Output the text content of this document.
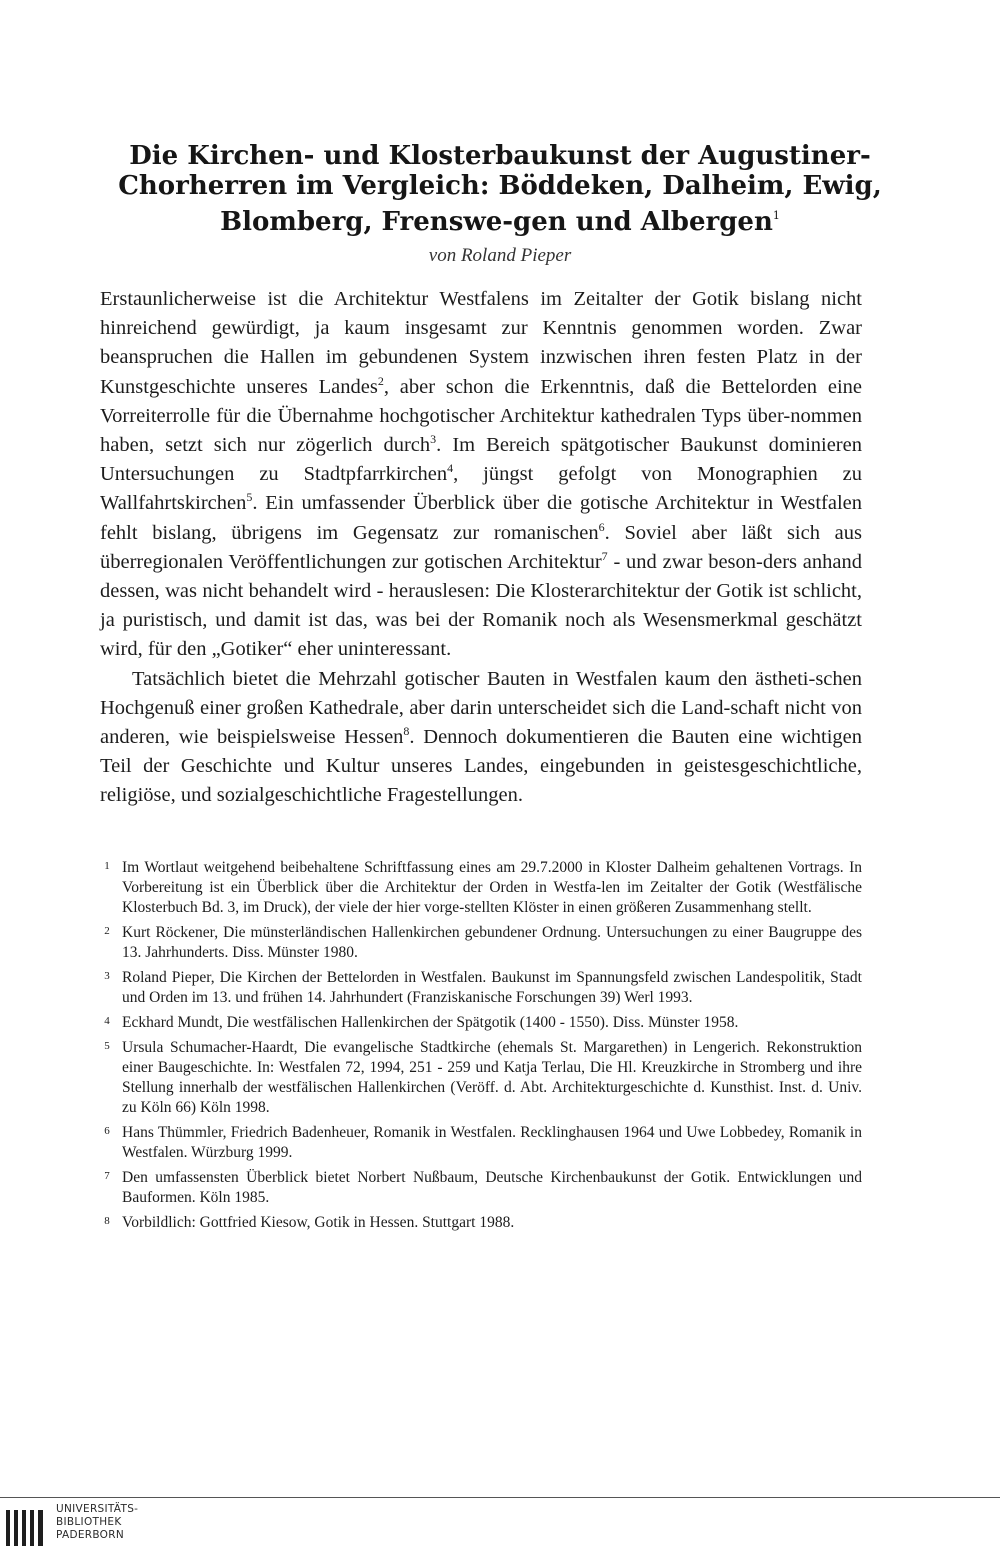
Die Kirchen- und Klosterbaukunst der Augustiner-Chorherren im Vergleich: Böddeken, Dalheim, Ewig, Blomberg, Frenswe-gen und Albergen$^1$
von Roland Pieper

Erstaunlicherweise ist die Architektur Westfalens im Zeitalter der Gotik bislang nicht hinreichend gewürdigt, ja kaum insgesamt zur Kenntnis genommen worden. Zwar beanspruchen die Hallen im gebundenen System inzwischen ihren festen Platz in der Kunstgeschichte unseres Landes$^2$, aber schon die Erkenntnis, daß die Bettelorden eine Vorreiterrolle für die Übernahme hochgotischer Architektur kathedralen Typs über-nommen haben, setzt sich nur zögerlich durch$^3$. Im Bereich spätgotischer Baukunst dominieren Untersuchungen zu Stadtpfarrkirchen$^4$, jüngst gefolgt von Monographien zu Wallfahrtskirchen$^5$. Ein umfassender Überblick über die gotische Architektur in Westfalen fehlt bislang, übrigens im Gegensatz zur romanischen$^6$. Soviel aber läßt sich aus überregionalen Veröffentlichungen zur gotischen Architektur$^7$ - und zwar beson-ders anhand dessen, was nicht behandelt wird - herauslesen: Die Klosterarchitektur der Gotik ist schlicht, ja puristisch, und damit ist das, was bei der Romanik noch als Wesensmerkmal geschätzt wird, für den „Gotiker“ eher uninteressant.

Tatsächlich bietet die Mehrzahl gotischer Bauten in Westfalen kaum den ästheti-schen Hochgenuß einer großen Kathedrale, aber darin unterscheidet sich die Land-schaft nicht von anderen, wie beispielsweise Hessen$^8$. Dennoch dokumentieren die Bauten eine wichtigen Teil der Geschichte und Kultur unseres Landes, eingebunden in geistesgeschichtliche, religiöse, und sozialgeschichtliche Fragestellungen.

1 Im Wortlaut weitgehend beibehaltene Schriftfassung eines am 29.7.2000 in Kloster Dalheim gehaltenen Vortrags. In Vorbereitung ist ein Überblick über die Architektur der Orden in Westfa-len im Zeitalter der Gotik (Westfälische Klosterbuch Bd. 3, im Druck), der viele der hier vorge-stellten Klöster in einen größeren Zusammenhang stellt.
2 Kurt Röckener, Die münsterländischen Hallenkirchen gebundener Ordnung. Untersuchungen zu einer Baugruppe des 13. Jahrhunderts. Diss. Münster 1980.
3 Roland Pieper, Die Kirchen der Bettelorden in Westfalen. Baukunst im Spannungsfeld zwischen Landespolitik, Stadt und Orden im 13. und frühen 14. Jahrhundert (Franziskanische Forschungen 39) Werl 1993.
4 Eckhard Mundt, Die westfälischen Hallenkirchen der Spätgotik (1400 - 1550). Diss. Münster 1958.
5 Ursula Schumacher-Haardt, Die evangelische Stadtkirche (ehemals St. Margarethen) in Lengerich. Rekonstruktion einer Baugeschichte. In: Westfalen 72, 1994, 251 - 259 und Katja Terlau, Die Hl. Kreuzkirche in Stromberg und ihre Stellung innerhalb der westfälischen Hallenkirchen (Veröff. d. Abt. Architekturgeschichte d. Kunsthist. Inst. d. Univ. zu Köln 66) Köln 1998.
6 Hans Thümmler, Friedrich Badenheuer, Romanik in Westfalen. Recklinghausen 1964 und Uwe Lobbedey, Romanik in Westfalen. Würzburg 1999.
7 Den umfassensten Überblick bietet Norbert Nußbaum, Deutsche Kirchenbaukunst der Gotik. Entwicklungen und Bauformen. Köln 1985.
8 Vorbildlich: Gottfried Kiesow, Gotik in Hessen. Stuttgart 1988.
UNIVERSITÄTS-
BIBLIOTHEK
PADERBORN
